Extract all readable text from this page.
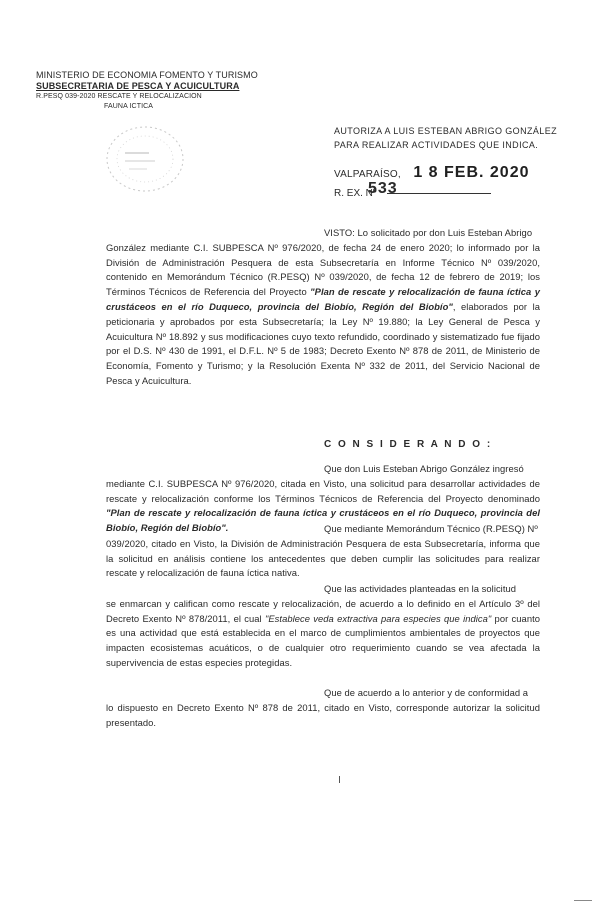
MINISTERIO DE ECONOMIA FOMENTO Y TURISMO
SUBSECRETARIA DE PESCA Y ACUICULTURA
R.PESQ 039-2020 RESCATE Y RELOCALIZACION
FAUNA ICTICA
AUTORIZA A LUIS ESTEBAN ABRIGO GONZÁLEZ
PARA REALIZAR ACTIVIDADES QUE INDICA.
VALPARAÍSO, 1 8 FEB. 2020
R. EX. Nº
533

VISTO: Lo solicitado por don Luis Esteban Abrigo

González mediante C.I. SUBPESCA Nº 976/2020, de fecha 24 de enero 2020; lo informado por la División de Administración Pesquera de esta Subsecretaría en Informe Técnico Nº 039/2020, contenido en Memorándum Técnico (R.PESQ) Nº 039/2020, de fecha 12 de febrero de 2019; los Términos Técnicos de Referencia del Proyecto "Plan de rescate y relocalización de fauna íctica y crustáceos en el río Duqueco, provincia del Biobío, Región del Biobío", elaborados por la peticionaria y aprobados por esta Subsecretaría; la Ley Nº 19.880; la Ley General de Pesca y Acuicultura Nº 18.892 y sus modificaciones cuyo texto refundido, coordinado y sistematizado fue fijado por el D.S. Nº 430 de 1991, el D.F.L. Nº 5 de 1983; Decreto Exento Nº 878 de 2011, de Ministerio de Economía, Fomento y Turismo; y la Resolución Exenta Nº 332 de 2011, del Servicio Nacional de Pesca y Acuicultura.

C O N S I D E R A N D O :

Que don Luis Esteban Abrigo González ingresó

mediante C.I. SUBPESCA Nº 976/2020, citada en Visto, una solicitud para desarrollar actividades de rescate y relocalización conforme los Términos Técnicos de Referencia del Proyecto denominado "Plan de rescate y relocalización de fauna íctica y crustáceos en el río Duqueco, provincia del Biobío, Región del Biobío".	Que mediante Memorándum Técnico (R.PESQ) Nº

039/2020, citado en Visto, la División de Administración Pesquera de esta Subsecretaría, informa que la solicitud en análisis contiene los antecedentes que deben cumplir las solicitudes para realizar rescate y relocalización de fauna íctica nativa.

Que las actividades planteadas en la solicitud

se enmarcan y califican como rescate y relocalización, de acuerdo a lo definido en el Artículo 3º del Decreto Exento Nº 878/2011, el cual "Establece veda extractiva para especies que indica" por cuanto es una actividad que está establecida en el marco de cumplimientos ambientales de proyectos que impacten ecosistemas acuáticos, o de cualquier otro requerimiento cuando se vea afectada la supervivencia de estas especies protegidas.

Que de acuerdo a lo anterior y de conformidad a

lo dispuesto en Decreto Exento Nº 878 de 2011, citado en Visto, corresponde autorizar la solicitud presentado.
